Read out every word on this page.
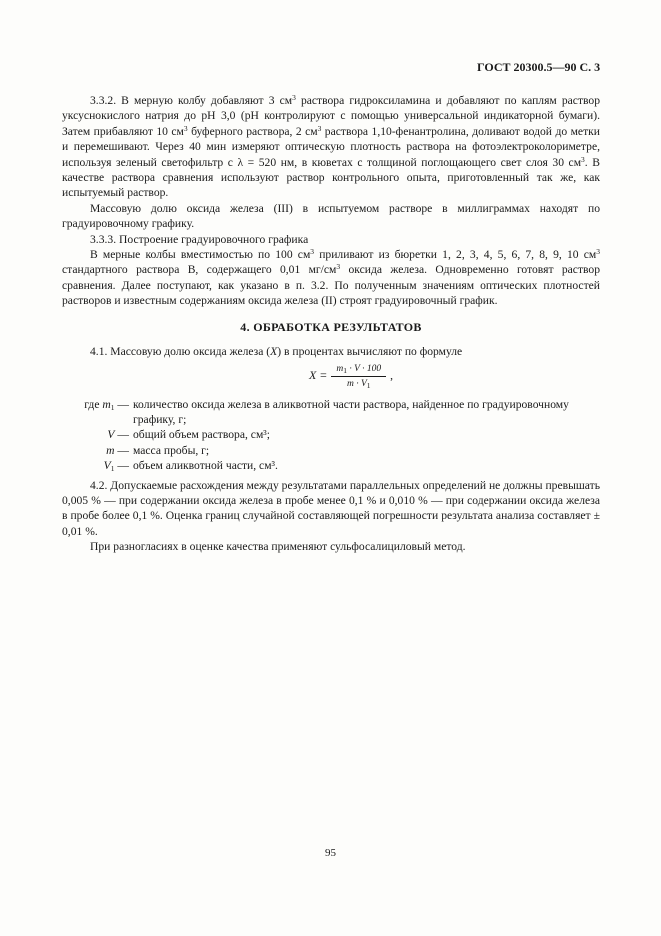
ГОСТ 20300.5—90 С. 3

3.3.2. В мерную колбу добавляют 3 $см^3$ раствора гидроксиламина и добавляют по каплям раствор уксуснокислого натрия до pH 3,0 (pH контролируют с помощью универсальной индикаторной бумаги). Затем прибавляют 10 $см^3$ буферного раствора, 2 $см^3$ раствора 1,10-фенантролина, доливают водой до метки и перемешивают. Через 40 мин измеряют оптическую плотность раствора на фотоэлектроколориметре, используя зеленый светофильтр с λ = 520 нм, в кюветах с толщиной поглощающего свет слоя 30 $см^3$. В качестве раствора сравнения используют раствор контрольного опыта, приготовленный так же, как испытуемый раствор.

Массовую долю оксида железа (III) в испытуемом растворе в миллиграммах находят по градуировочному графику.

3.3.3. Построение градуировочного графика

В мерные колбы вместимостью по 100 $см^3$ приливают из бюретки 1, 2, 3, 4, 5, 6, 7, 8, 9, 10 $см^3$ стандартного раствора В, содержащего 0,01 $мг/см^3$ оксида железа. Одновременно готовят раствор сравнения. Далее поступают, как указано в п. 3.2. По полученным значениям оптических плотностей растворов и известным содержаниям оксида железа (II) строят градуировочный график.

4. ОБРАБОТКА РЕЗУЛЬТАТОВ

4.1. Массовую долю оксида железа (X) в процентах вычисляют по формуле

$X = \frac{m_1 \cdot V \cdot 100}{m \cdot V_1}$ ,
где $m_1$ — количество оксида железа в аликвотной части раствора, найденное по градуировочному графику, г;
V — общий объем раствора, см³;
m — масса пробы, г;
$V_1$ — объем аликвотной части, см³.

4.2. Допускаемые расхождения между результатами параллельных определений не должны превышать 0,005 % — при содержании оксида железа в пробе менее 0,1 % и 0,010 % — при содержании оксида железа в пробе более 0,1 %. Оценка границ случайной составляющей погрешности результата анализа составляет ± 0,01 %.

При разногласиях в оценке качества применяют сульфосалициловый метод.

95
